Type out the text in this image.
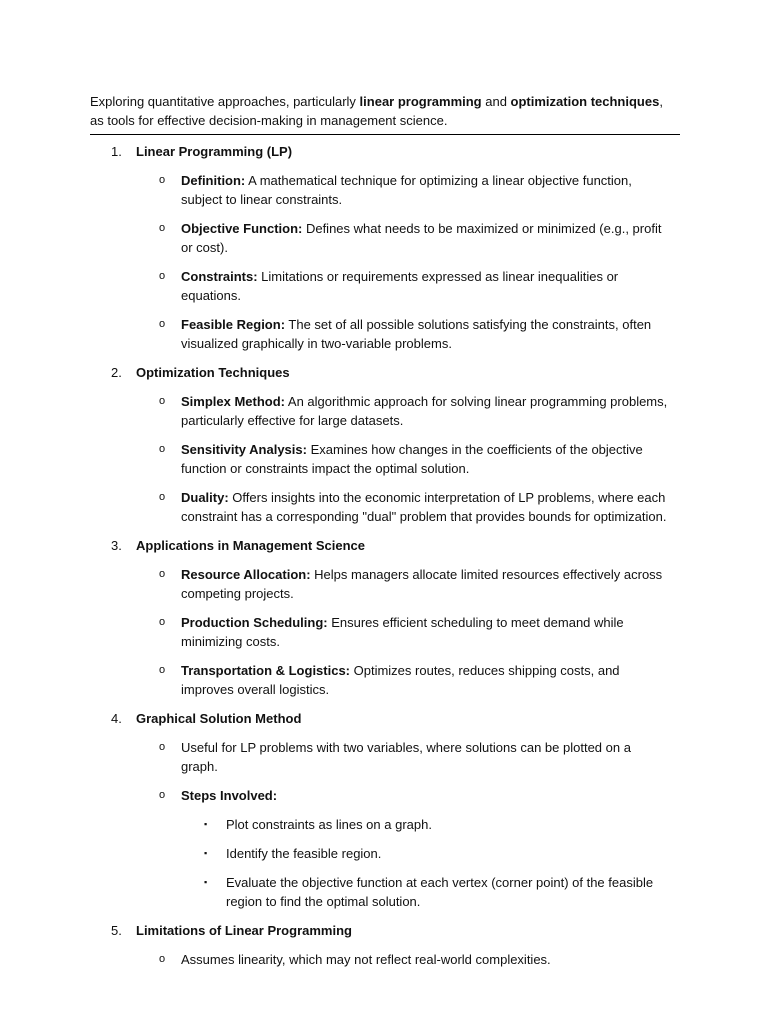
Exploring quantitative approaches, particularly linear programming and optimization techniques, as tools for effective decision-making in management science.

1.	Linear Programming (LP)
o	Definition: A mathematical technique for optimizing a linear objective function, subject to linear constraints.
o	Objective Function: Defines what needs to be maximized or minimized (e.g., profit or cost).
o	Constraints: Limitations or requirements expressed as linear inequalities or equations.
o	Feasible Region: The set of all possible solutions satisfying the constraints, often visualized graphically in two-variable problems.
2.	Optimization Techniques
o	Simplex Method: An algorithmic approach for solving linear programming problems, particularly effective for large datasets.
o	Sensitivity Analysis: Examines how changes in the coefficients of the objective function or constraints impact the optimal solution.
o	Duality: Offers insights into the economic interpretation of LP problems, where each constraint has a corresponding "dual" problem that provides bounds for optimization.
3.	Applications in Management Science
o	Resource Allocation: Helps managers allocate limited resources effectively across competing projects.
o	Production Scheduling: Ensures efficient scheduling to meet demand while minimizing costs.
o	Transportation & Logistics: Optimizes routes, reduces shipping costs, and improves overall logistics.
4.	Graphical Solution Method
o	Useful for LP problems with two variables, where solutions can be plotted on a graph.
o	Steps Involved:
▪	Plot constraints as lines on a graph.
▪	Identify the feasible region.
▪	Evaluate the objective function at each vertex (corner point) of the feasible region to find the optimal solution.
5.	Limitations of Linear Programming
o	Assumes linearity, which may not reflect real-world complexities.
